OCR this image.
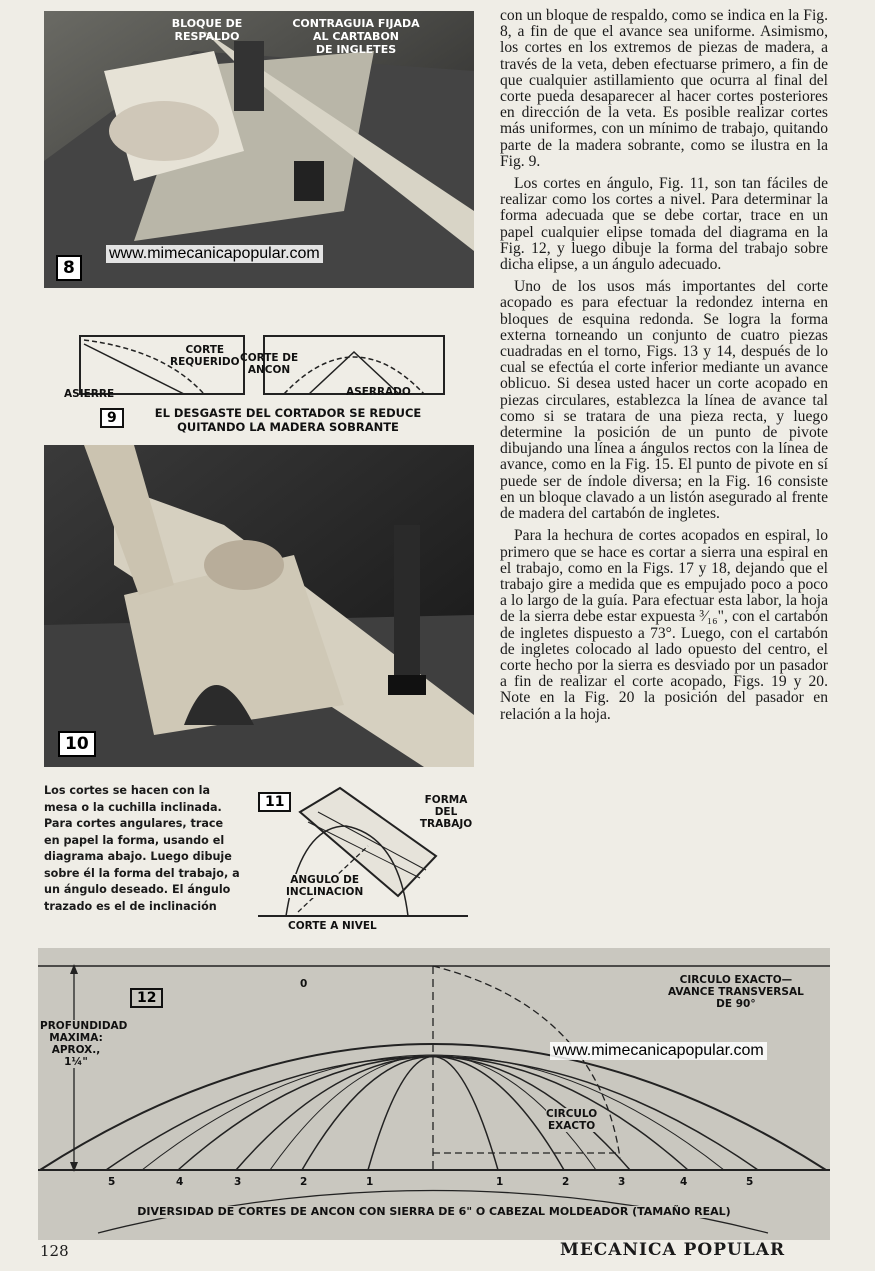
BLOQUE DE
RESPALDO
CONTRAGUIA FIJADA
AL CARTABON
DE INGLETES
8
www.mimecanicapopular.com
CORTE
REQUERIDO
ASIERRE
CORTE DE
ANCON
ASERRADO
9	EL DESGASTE DEL CORTADOR SE REDUCE
QUITANDO LA MADERA SOBRANTE
10
Los cortes se hacen con la mesa o la cuchilla inclinada. Para cortes angulares, trace en papel la forma, usando el diagrama abajo. Luego dibuje sobre él la forma del trabajo, a un ángulo deseado. El ángulo trazado es el de inclinación
11	FORMA DEL
TRABAJO
ANGULO DE
INCLINACION
CORTE A NIVEL

con un bloque de respaldo, como se indica en la Fig. 8, a fin de que el avance sea uniforme. Asimismo, los cortes en los extremos de piezas de madera, a través de la veta, deben efectuarse primero, a fin de que cualquier astillamiento que ocurra al final del corte pueda desaparecer al hacer cortes posteriores en dirección de la veta. Es posible realizar cortes más uniformes, con un mínimo de trabajo, quitando parte de la madera sobrante, como se ilustra en la Fig. 9.

Los cortes en ángulo, Fig. 11, son tan fáciles de realizar como los cortes a nivel. Para determinar la forma adecuada que se debe cortar, trace en un papel cualquier elipse tomada del diagrama en la Fig. 12, y luego dibuje la forma del trabajo sobre dicha elipse, a un ángulo adecuado.

Uno de los usos más importantes del corte acopado es para efectuar la redondez interna en bloques de esquina redonda. Se logra la forma externa torneando un conjunto de cuatro piezas cuadradas en el torno, Figs. 13 y 14, después de lo cual se efectúa el corte inferior mediante un avance oblicuo. Si desea usted hacer un corte acopado en piezas circulares, establezca la línea de avance tal como si se tratara de una pieza recta, y luego determine la posición de un punto de pivote dibujando una línea a ángulos rectos con la línea de avance, como en la Fig. 15. El punto de pivote en sí puede ser de índole diversa; en la Fig. 16 consiste en un bloque clavado a un listón asegurado al frente de madera del cartabón de ingletes.

Para la hechura de cortes acopados en espiral, lo primero que se hace es cortar a sierra una espiral en el trabajo, como en la Figs. 17 y 18, dejando que el trabajo gire a medida que es empujado poco a poco a lo largo de la guía. Para efectuar esta labor, la hoja de la sierra debe estar expuesta ³⁄₁₆", con el cartabón de ingletes dispuesto a 73°. Luego, con el cartabón de ingletes colocado al lado opuesto del centro, el corte hecho por la sierra es desviado por un pasador a fin de realizar el corte acopado, Figs. 19 y 20. Note en la Fig. 20 la posición del pasador en relación a la hoja.

12
PROFUNDIDAD
MAXIMA:
APROX.,
1¼"
CIRCULO EXACTO—
AVANCE TRANSVERSAL
DE 90°
CIRCULO
EXACTO
www.mimecanicapopular.com
0
5	4	3	2	1	1	2	3	4	5
DIVERSIDAD DE CORTES DE ANCON CON SIERRA DE 6" O CABEZAL MOLDEADOR (TAMAÑO REAL)
128	MECANICA POPULAR
